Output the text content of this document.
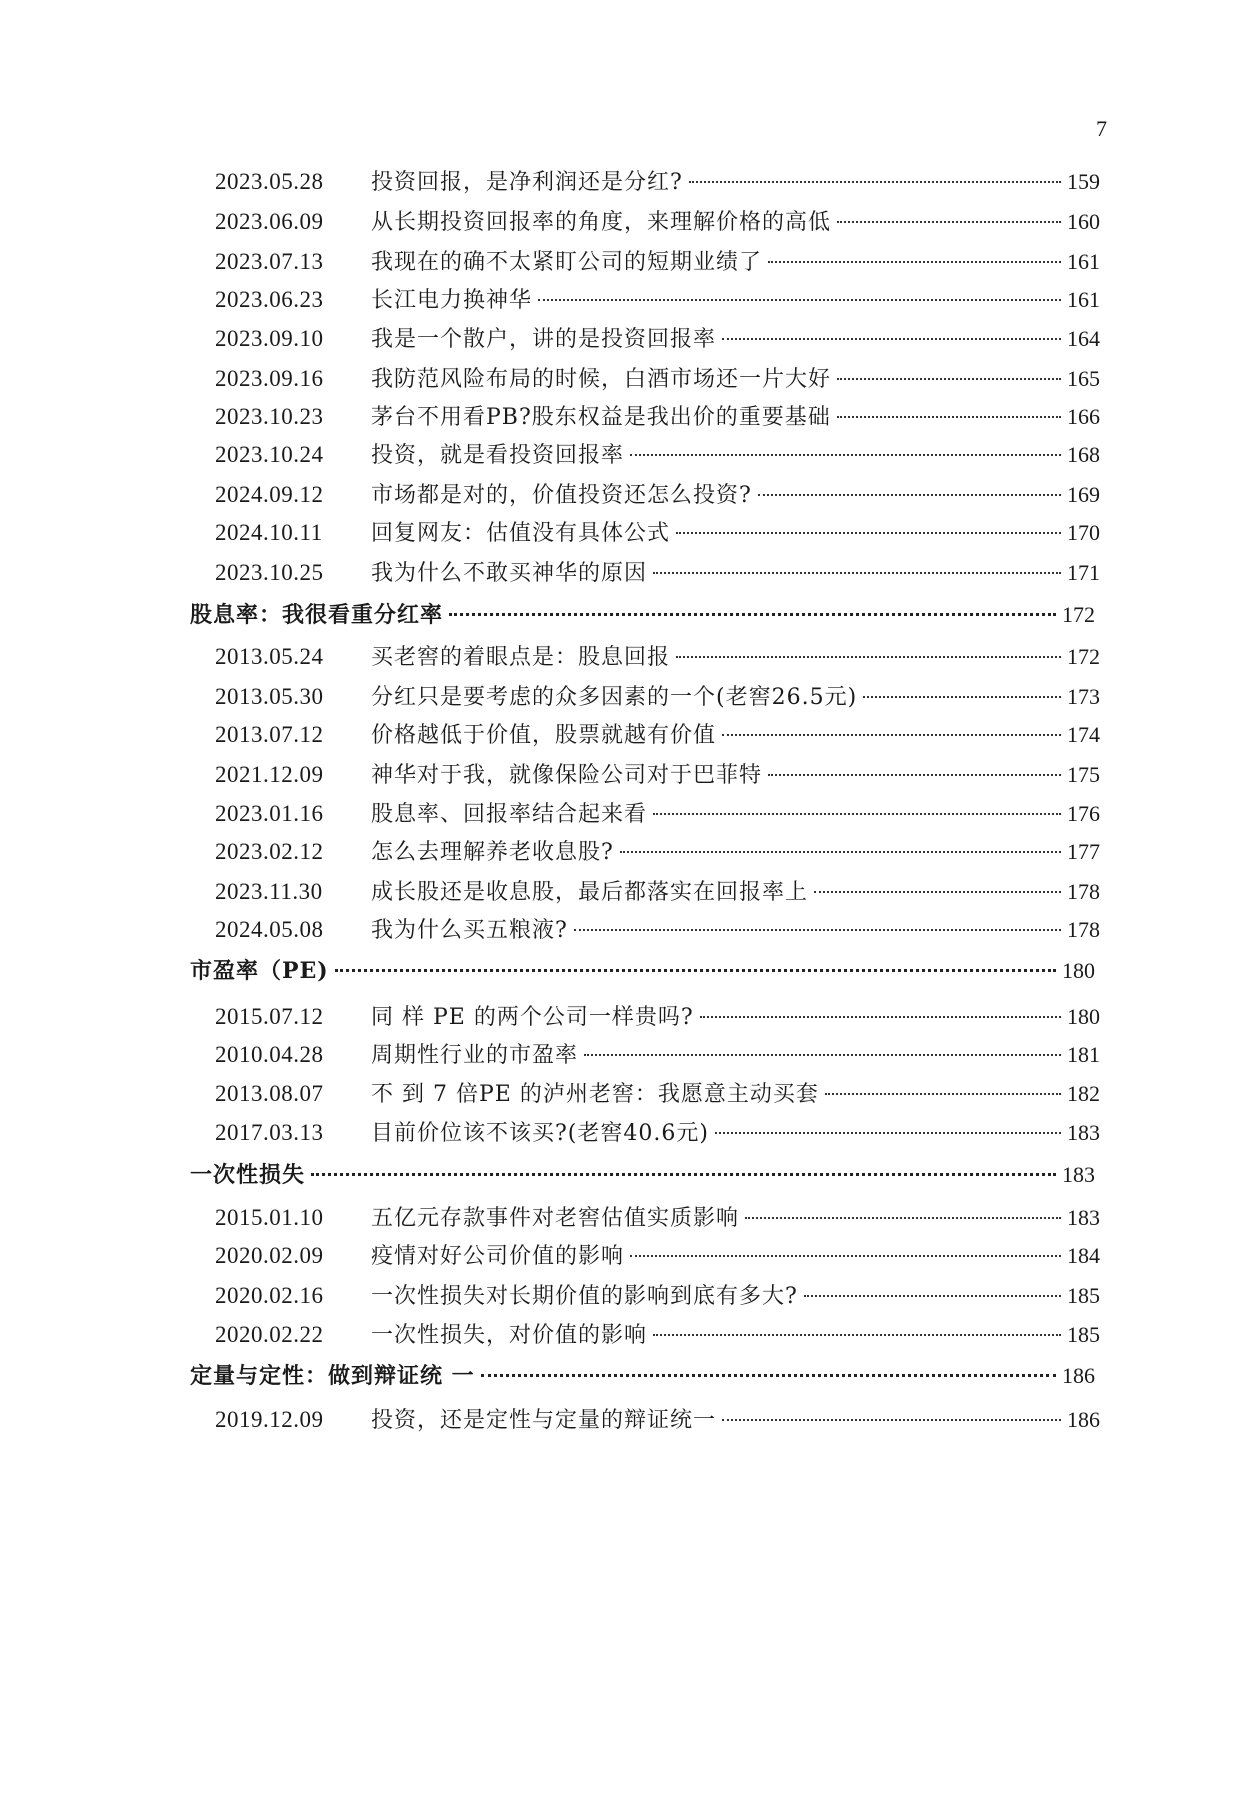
7
2023.05.28	投资回报，是净利润还是分红?	159
2023.06.09	从长期投资回报率的角度，来理解价格的高低	160
2023.07.13	我现在的确不太紧盯公司的短期业绩了	161
2023.06.23	长江电力换神华	161
2023.09.10	我是一个散户，讲的是投资回报率	164
2023.09.16	我防范风险布局的时候，白酒市场还一片大好	165
2023.10.23	茅台不用看PB?股东权益是我出价的重要基础	166
2023.10.24	投资，就是看投资回报率	168
2024.09.12	市场都是对的，价值投资还怎么投资?	169
2024.10.11	回复网友：估值没有具体公式	170
2023.10.25	我为什么不敢买神华的原因	171
股息率：我很看重分红率	172
2013.05.24	买老窖的着眼点是：股息回报	172
2013.05.30	分红只是要考虑的众多因素的一个(老窖26.5元)	173
2013.07.12	价格越低于价值，股票就越有价值	174
2021.12.09	神华对于我，就像保险公司对于巴菲特	175
2023.01.16	股息率、回报率结合起来看	176
2023.02.12	怎么去理解养老收息股?	177
2023.11.30	成长股还是收息股，最后都落实在回报率上	178
2024.05.08	我为什么买五粮液?	178
市盈率（PE)	180
2015.07.12	同 样 PE 的两个公司一样贵吗?	180
2010.04.28	周期性行业的市盈率	181
2013.08.07	不 到 7 倍PE 的泸州老窖：我愿意主动买套	182
2017.03.13	目前价位该不该买?(老窖40.6元)	183
一次性损失	183
2015.01.10	五亿元存款事件对老窖估值实质影响	183
2020.02.09	疫情对好公司价值的影响	184
2020.02.16	一次性损失对长期价值的影响到底有多大?	185
2020.02.22	一次性损失，对价值的影响	185
定量与定性：做到辩证统 一	186
2019.12.09	投资，还是定性与定量的辩证统一	186
